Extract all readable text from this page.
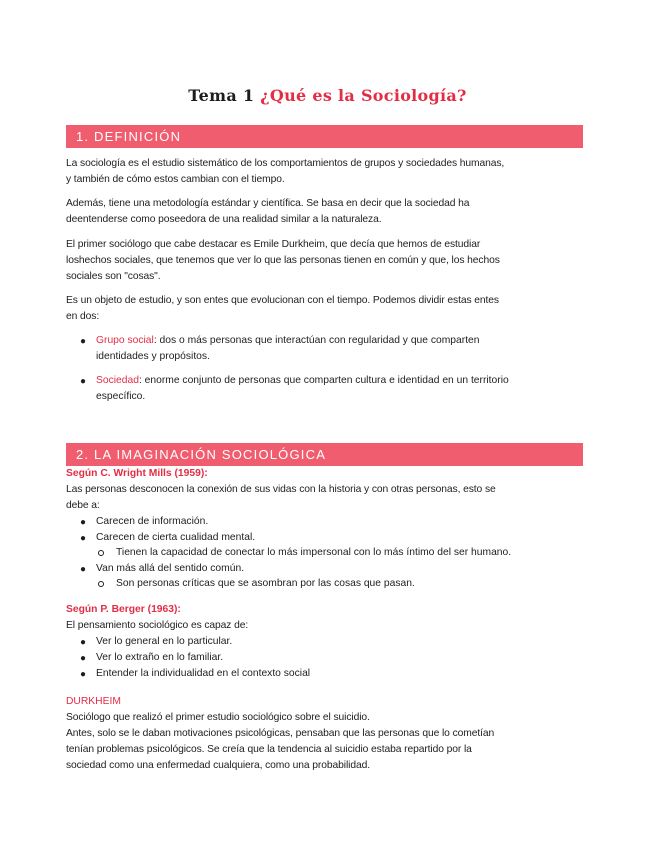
Tema 1 ¿Qué es la Sociología?
1. DEFINICIÓN
La sociología es el estudio sistemático de los comportamientos de grupos y sociedades humanas,
y también de cómo estos cambian con el tiempo.
Además, tiene una metodología estándar y científica. Se basa en decir que la sociedad ha
deentenderse como poseedora de una realidad similar a la naturaleza.
El primer sociólogo que cabe destacar es Emile Durkheim, que decía que hemos de estudiar
loshechos sociales, que tenemos que ver lo que las personas tienen en común y que, los hechos
sociales son "cosas".
Es un objeto de estudio, y son entes que evolucionan con el tiempo. Podemos dividir estas entes
en dos:
● Grupo social: dos o más personas que interactúan con regularidad y que comparten
identidades y propósitos.
● Sociedad: enorme conjunto de personas que comparten cultura e identidad en un territorio
específico.
2. LA IMAGINACIÓN SOCIOLÓGICA
Según C. Wright Mills (1959):
Las personas desconocen la conexión de sus vidas con la historia y con otras personas, esto se
debe a:
● Carecen de información.
● Carecen de cierta cualidad mental.
Tienen la capacidad de conectar lo más impersonal con lo más íntimo del ser humano.
● Van más allá del sentido común.
Son personas críticas que se asombran por las cosas que pasan.
Según P. Berger (1963):
El pensamiento sociológico es capaz de:
● Ver lo general en lo particular.
● Ver lo extraño en lo familiar.
● Entender la individualidad en el contexto social
DURKHEIM
Sociólogo que realizó el primer estudio sociológico sobre el suicidio.
Antes, solo se le daban motivaciones psicológicas, pensaban que las personas que lo cometían
tenían problemas psicológicos. Se creía que la tendencia al suicidio estaba repartido por la
sociedad como una enfermedad cualquiera, como una probabilidad.
